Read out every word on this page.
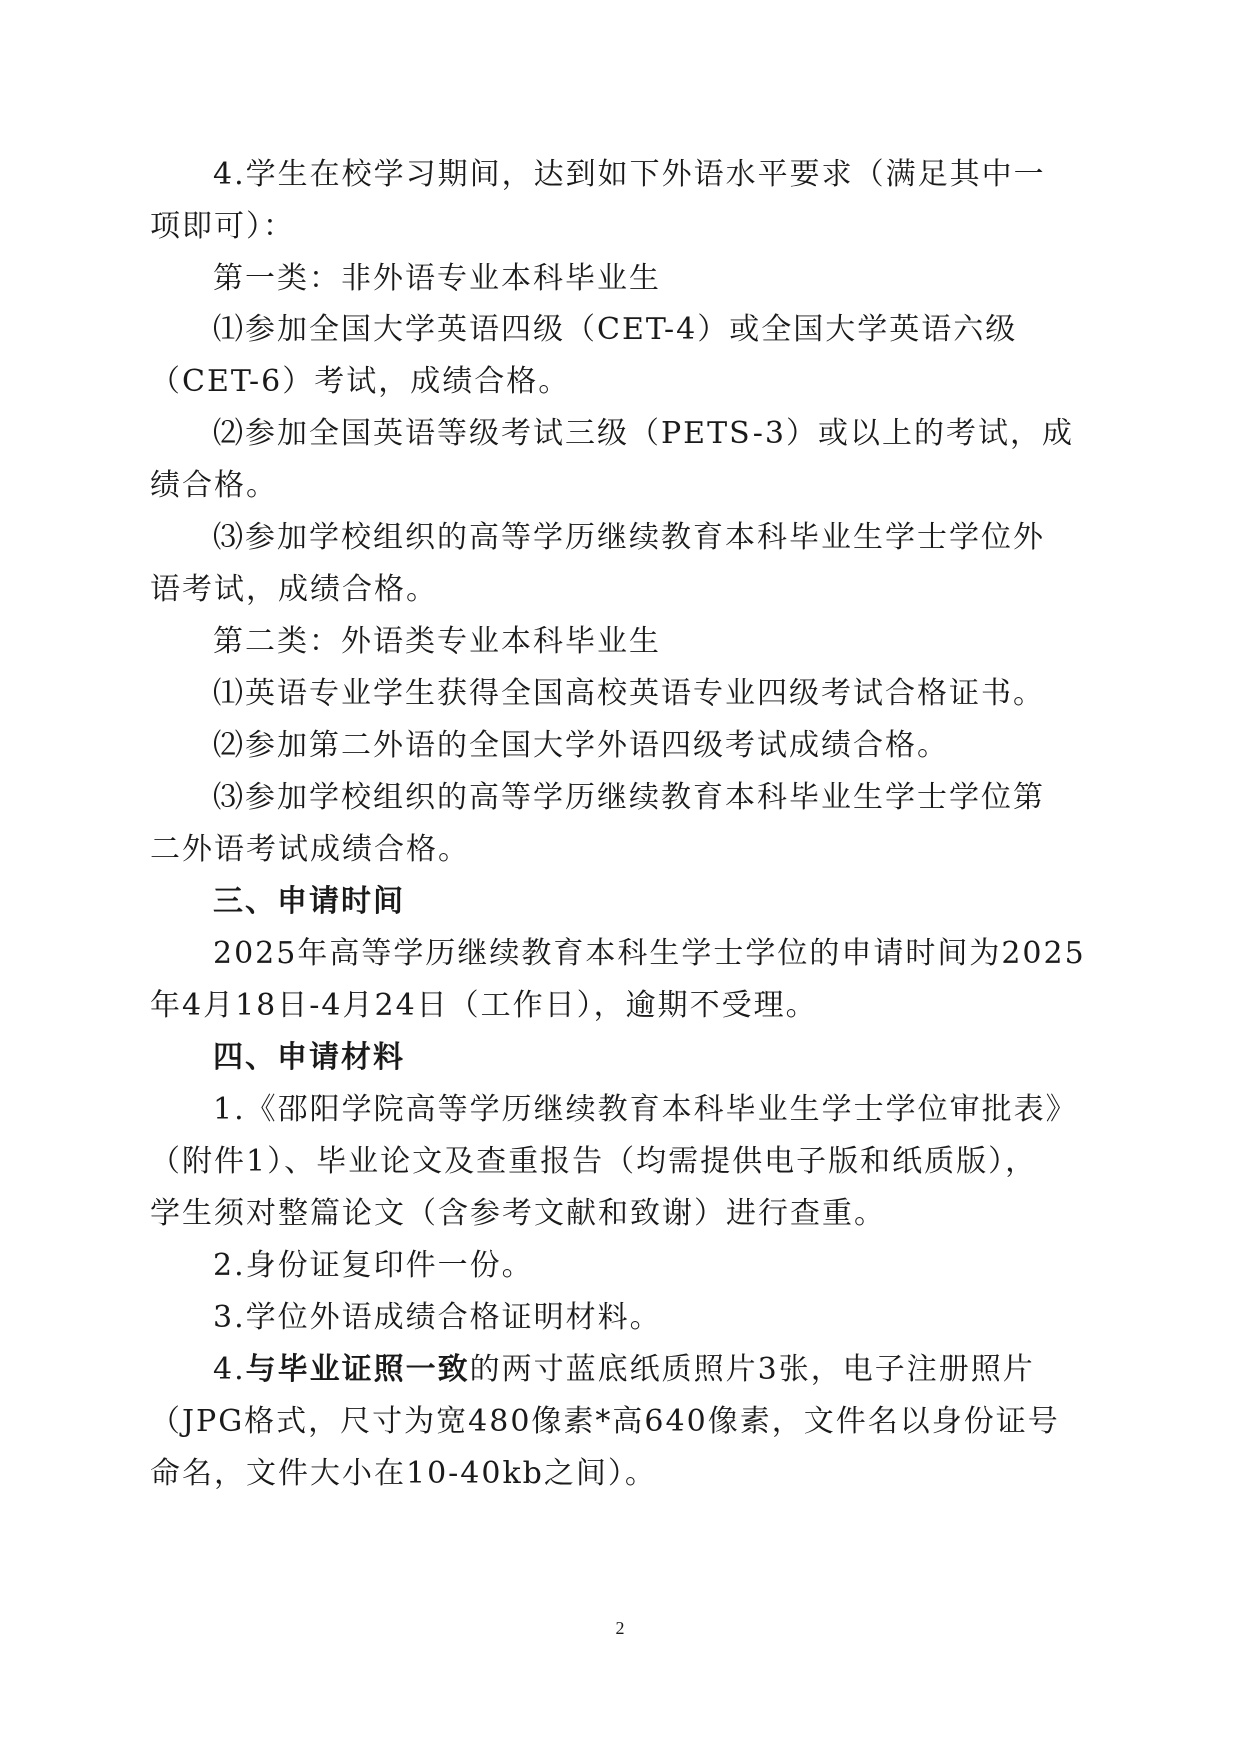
4.学生在校学习期间，达到如下外语水平要求（满足其中一
项即可）：
第一类：非外语专业本科毕业生
⑴参加全国大学英语四级（CET-4）或全国大学英语六级
（CET-6）考试，成绩合格。
⑵参加全国英语等级考试三级（PETS-3）或以上的考试，成
绩合格。
⑶参加学校组织的高等学历继续教育本科毕业生学士学位外
语考试，成绩合格。
第二类：外语类专业本科毕业生
⑴英语专业学生获得全国高校英语专业四级考试合格证书。
⑵参加第二外语的全国大学外语四级考试成绩合格。
⑶参加学校组织的高等学历继续教育本科毕业生学士学位第
二外语考试成绩合格。
三、申请时间
2025年高等学历继续教育本科生学士学位的申请时间为2025
年4月18日-4月24日（工作日），逾期不受理。
四、申请材料
1.《邵阳学院高等学历继续教育本科毕业生学士学位审批表》
（附件1）、毕业论文及查重报告（均需提供电子版和纸质版），
学生须对整篇论文（含参考文献和致谢）进行查重。
2.身份证复印件一份。
3.学位外语成绩合格证明材料。
4.与毕业证照一致的两寸蓝底纸质照片3张，电子注册照片
（JPG格式，尺寸为宽480像素*高640像素，文件名以身份证号
命名，文件大小在10-40kb之间）。
2
